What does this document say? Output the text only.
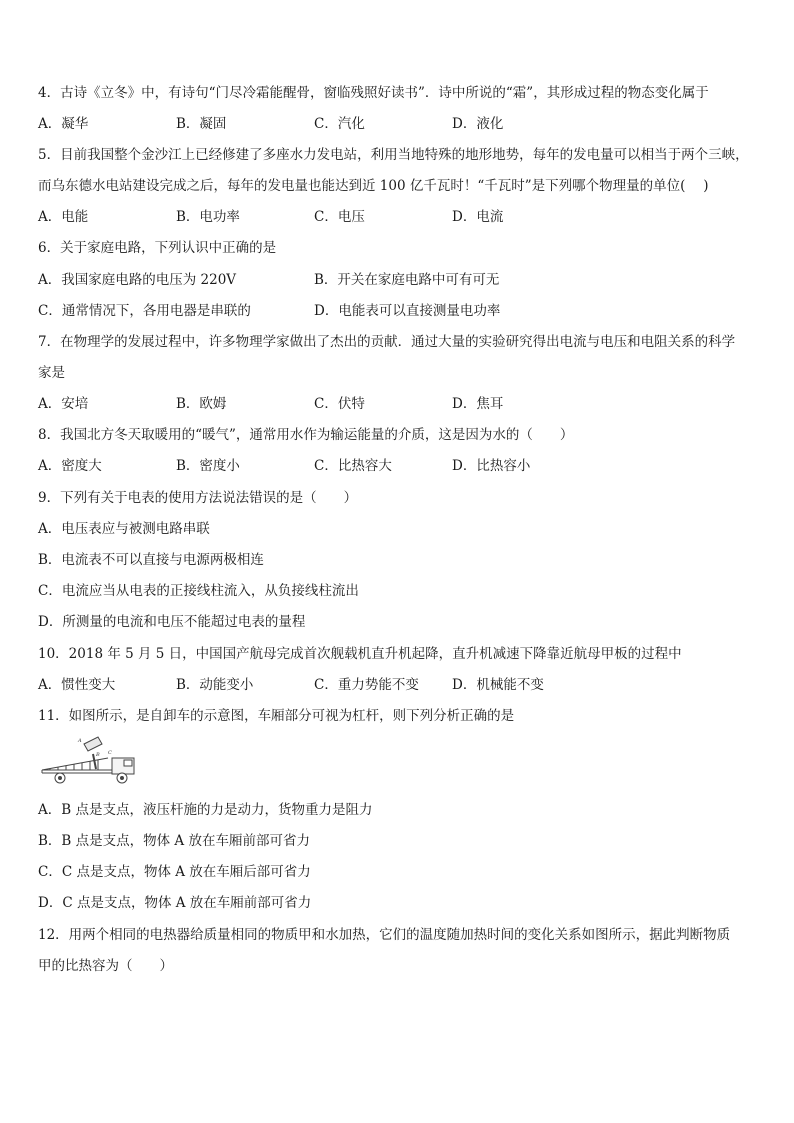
4．古诗《立冬》中，有诗句“门尽冷霜能醒骨，窗临残照好读书”．诗中所说的“霜”，其形成过程的物态变化属于
A．凝华	B．凝固	C．汽化	D．液化
5．目前我国整个金沙江上已经修建了多座水力发电站，利用当地特殊的地形地势，每年的发电量可以相当于两个三峡，
而乌东德水电站建设完成之后，每年的发电量也能达到近 100 亿千瓦时！“千瓦时”是下列哪个物理量的单位(　 )
A．电能	B．电功率	C．电压	D．电流
6．关于家庭电路，下列认识中正确的是
A．我国家庭电路的电压为 220V	B．开关在家庭电路中可有可无
C．通常情况下，各用电器是串联的	D．电能表可以直接测量电功率
7．在物理学的发展过程中，许多物理学家做出了杰出的贡献．通过大量的实验研究得出电流与电压和电阻关系的科学
家是
A．安培	B．欧姆	C．伏特	D．焦耳
8．我国北方冬天取暖用的“暖气”，通常用水作为输运能量的介质，这是因为水的（　　）
A．密度大	B．密度小	C．比热容大	D．比热容小
9．下列有关于电表的使用方法说法错误的是（　　）
A．电压表应与被测电路串联
B．电流表不可以直接与电源两极相连
C．电流应当从电表的正接线柱流入，从负接线柱流出
D．所测量的电流和电压不能超过电表的量程
10．2018 年 5 月 5 日，中国国产航母完成首次舰载机直升机起降，直升机减速下降靠近航母甲板的过程中
A．惯性变大	B．动能变小	C．重力势能不变 D．机械能不变
11．如图所示，是自卸车的示意图，车厢部分可视为杠杆，则下列分析正确的是
A
B C
A．B 点是支点，液压杆施的力是动力，货物重力是阻力
B．B 点是支点，物体 A 放在车厢前部可省力
C．C 点是支点，物体 A 放在车厢后部可省力
D．C 点是支点，物体 A 放在车厢前部可省力
12．用两个相同的电热器给质量相同的物质甲和水加热，它们的温度随加热时间的变化关系如图所示，据此判断物质
甲的比热容为（　　）
